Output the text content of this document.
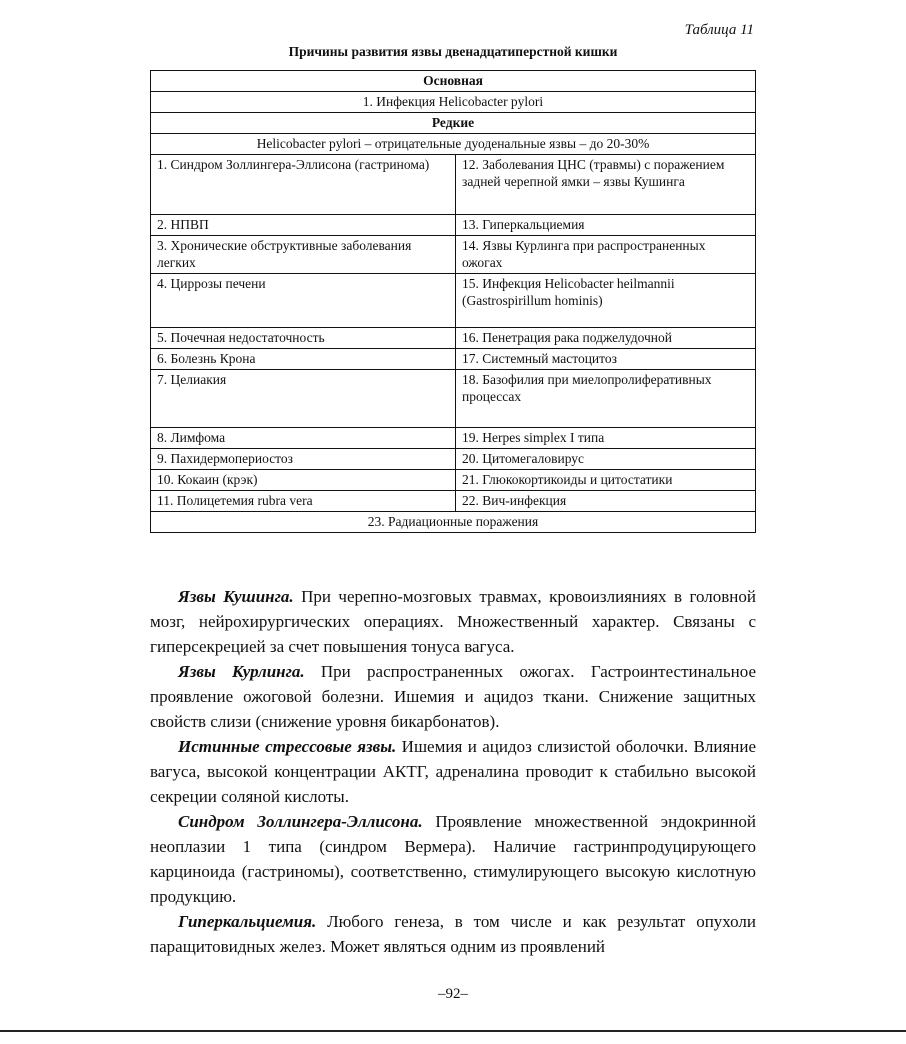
Таблица 11
Причины развития язвы двенадцатиперстной кишки
Основная	
1. Инфекция Helicobacter pylori	
Редкие	
Helicobacter pylori – отрицательные дуоденальные язвы – до 20-30%	
1. Синдром Золлингера-Эллисона (гастринома)	12. Заболевания ЦНС (травмы) с поражением задней черепной ямки – язвы Кушинга
2. НПВП	13. Гиперкальциемия
3. Хронические обструктивные заболевания легких	14. Язвы Курлинга при распространенных ожогах
4. Циррозы печени	15. Инфекция Helicobacter heilmannii (Gastrospirillum hominis)
5. Почечная недостаточность	16. Пенетрация рака поджелудочной
6. Болезнь Крона	17. Системный мастоцитоз
7. Целиакия	18. Базофилия при миелопролиферативных процессах
8. Лимфома	19. Herpes simplex I типа
9. Пахидермопериостоз	20. Цитомегаловирус
10. Кокаин (крэк)	21. Глюкокортикоиды и цитостатики
11. Полицетемия rubra vera	22. Вич-инфекция
23. Радиационные поражения	

Язвы Кушинга. При черепно-мозговых травмах, кровоизлияниях в головной мозг, нейрохирургических операциях. Множественный характер. Связаны с гиперсекрецией за счет повышения тонуса вагуса.

Язвы Курлинга. При распространенных ожогах. Гастроинтестинальное проявление ожоговой болезни. Ишемия и ацидоз ткани. Снижение защитных свойств слизи (снижение уровня бикарбонатов).

Истинные стрессовые язвы. Ишемия и ацидоз слизистой оболочки. Влияние вагуса, высокой концентрации АКТГ, адреналина проводит к стабильно высокой секреции соляной кислоты.

Синдром Золлингера-Эллисона. Проявление множественной эндокринной неоплазии 1 типа (синдром Вермера). Наличие гастринпродуцирующего карциноида (гастриномы), соответственно, стимулирующего высокую кислотную продукцию.

Гиперкальциемия. Любого генеза, в том числе и как результат опухоли паращитовидных желез. Может являться одним из проявлений

–92–
